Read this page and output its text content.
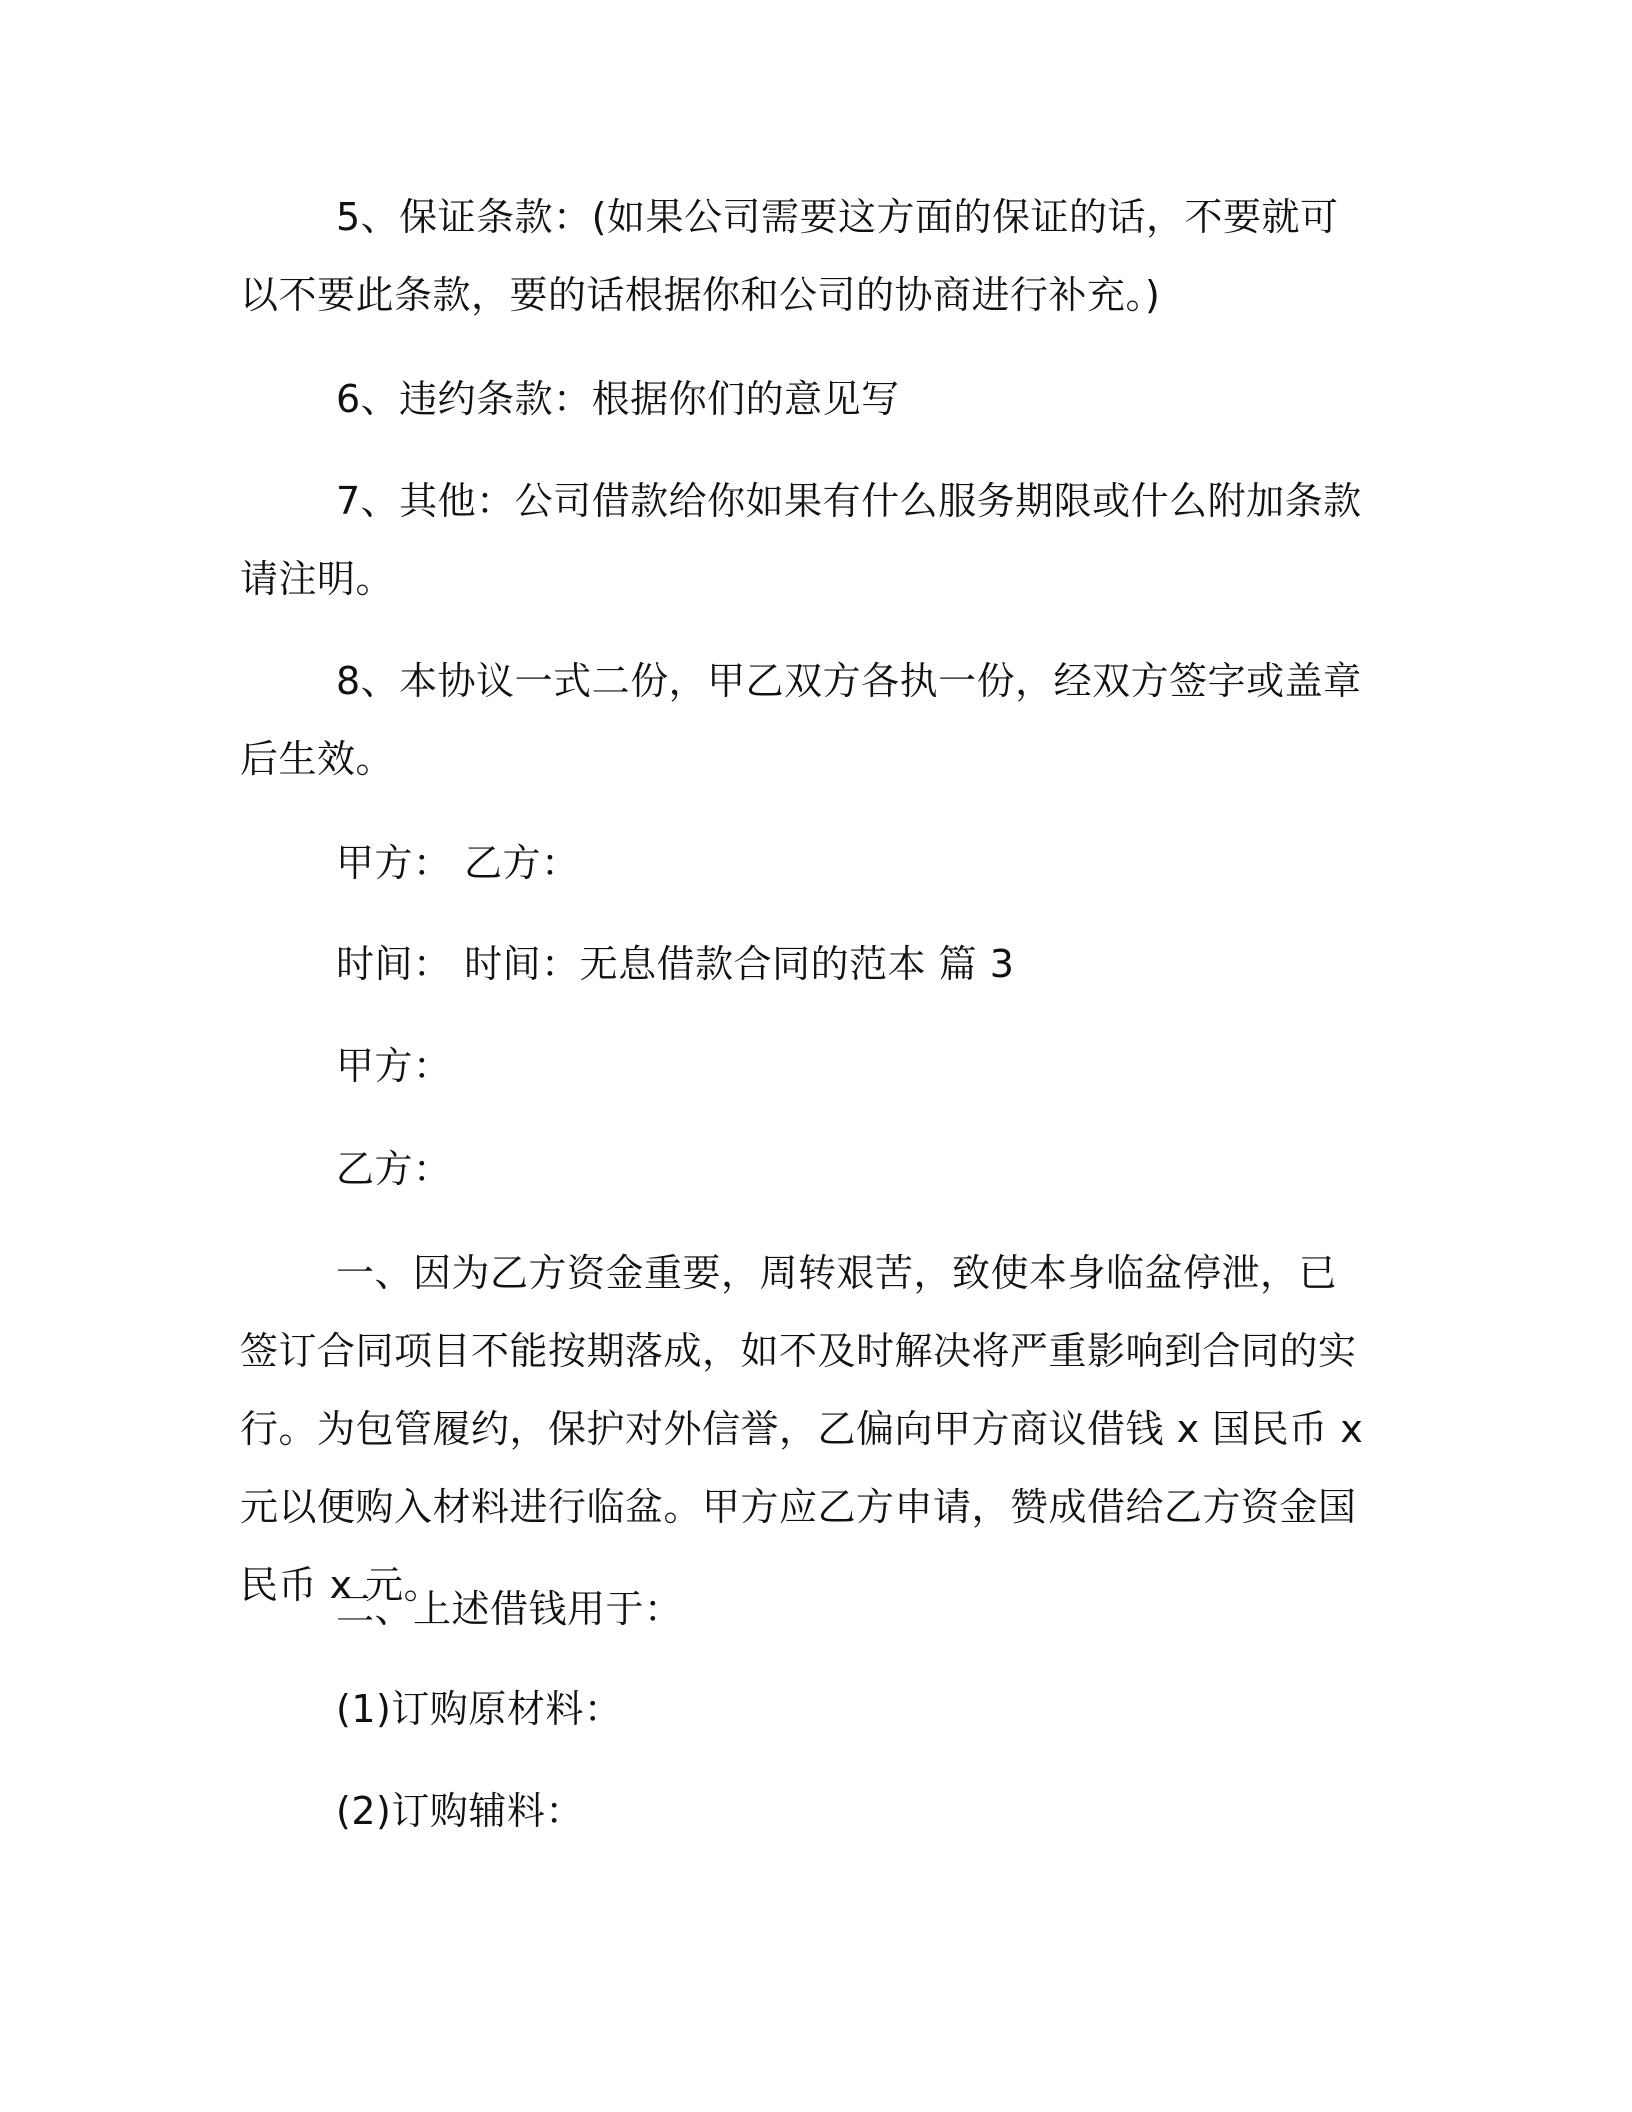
5、保证条款：(如果公司需要这方面的保证的话，不要就可以不要此条款，要的话根据你和公司的协商进行补充。)

6、违约条款：根据你们的意见写

7、其他：公司借款给你如果有什么服务期限或什么附加条款请注明。

8、本协议一式二份，甲乙双方各执一份，经双方签字或盖章后生效。

甲方： 乙方：

时间： 时间：无息借款合同的范本 篇 3

甲方：

乙方：

一、因为乙方资金重要，周转艰苦，致使本身临盆停泄，已签订合同项目不能按期落成，如不及时解决将严重影响到合同的实行。为包管履约，保护对外信誉，乙偏向甲方商议借钱 x 国民币 x 元以便购入材料进行临盆。甲方应乙方申请，赞成借给乙方资金国民币 x 元。

二、上述借钱用于：

(1)订购原材料：

(2)订购辅料：
